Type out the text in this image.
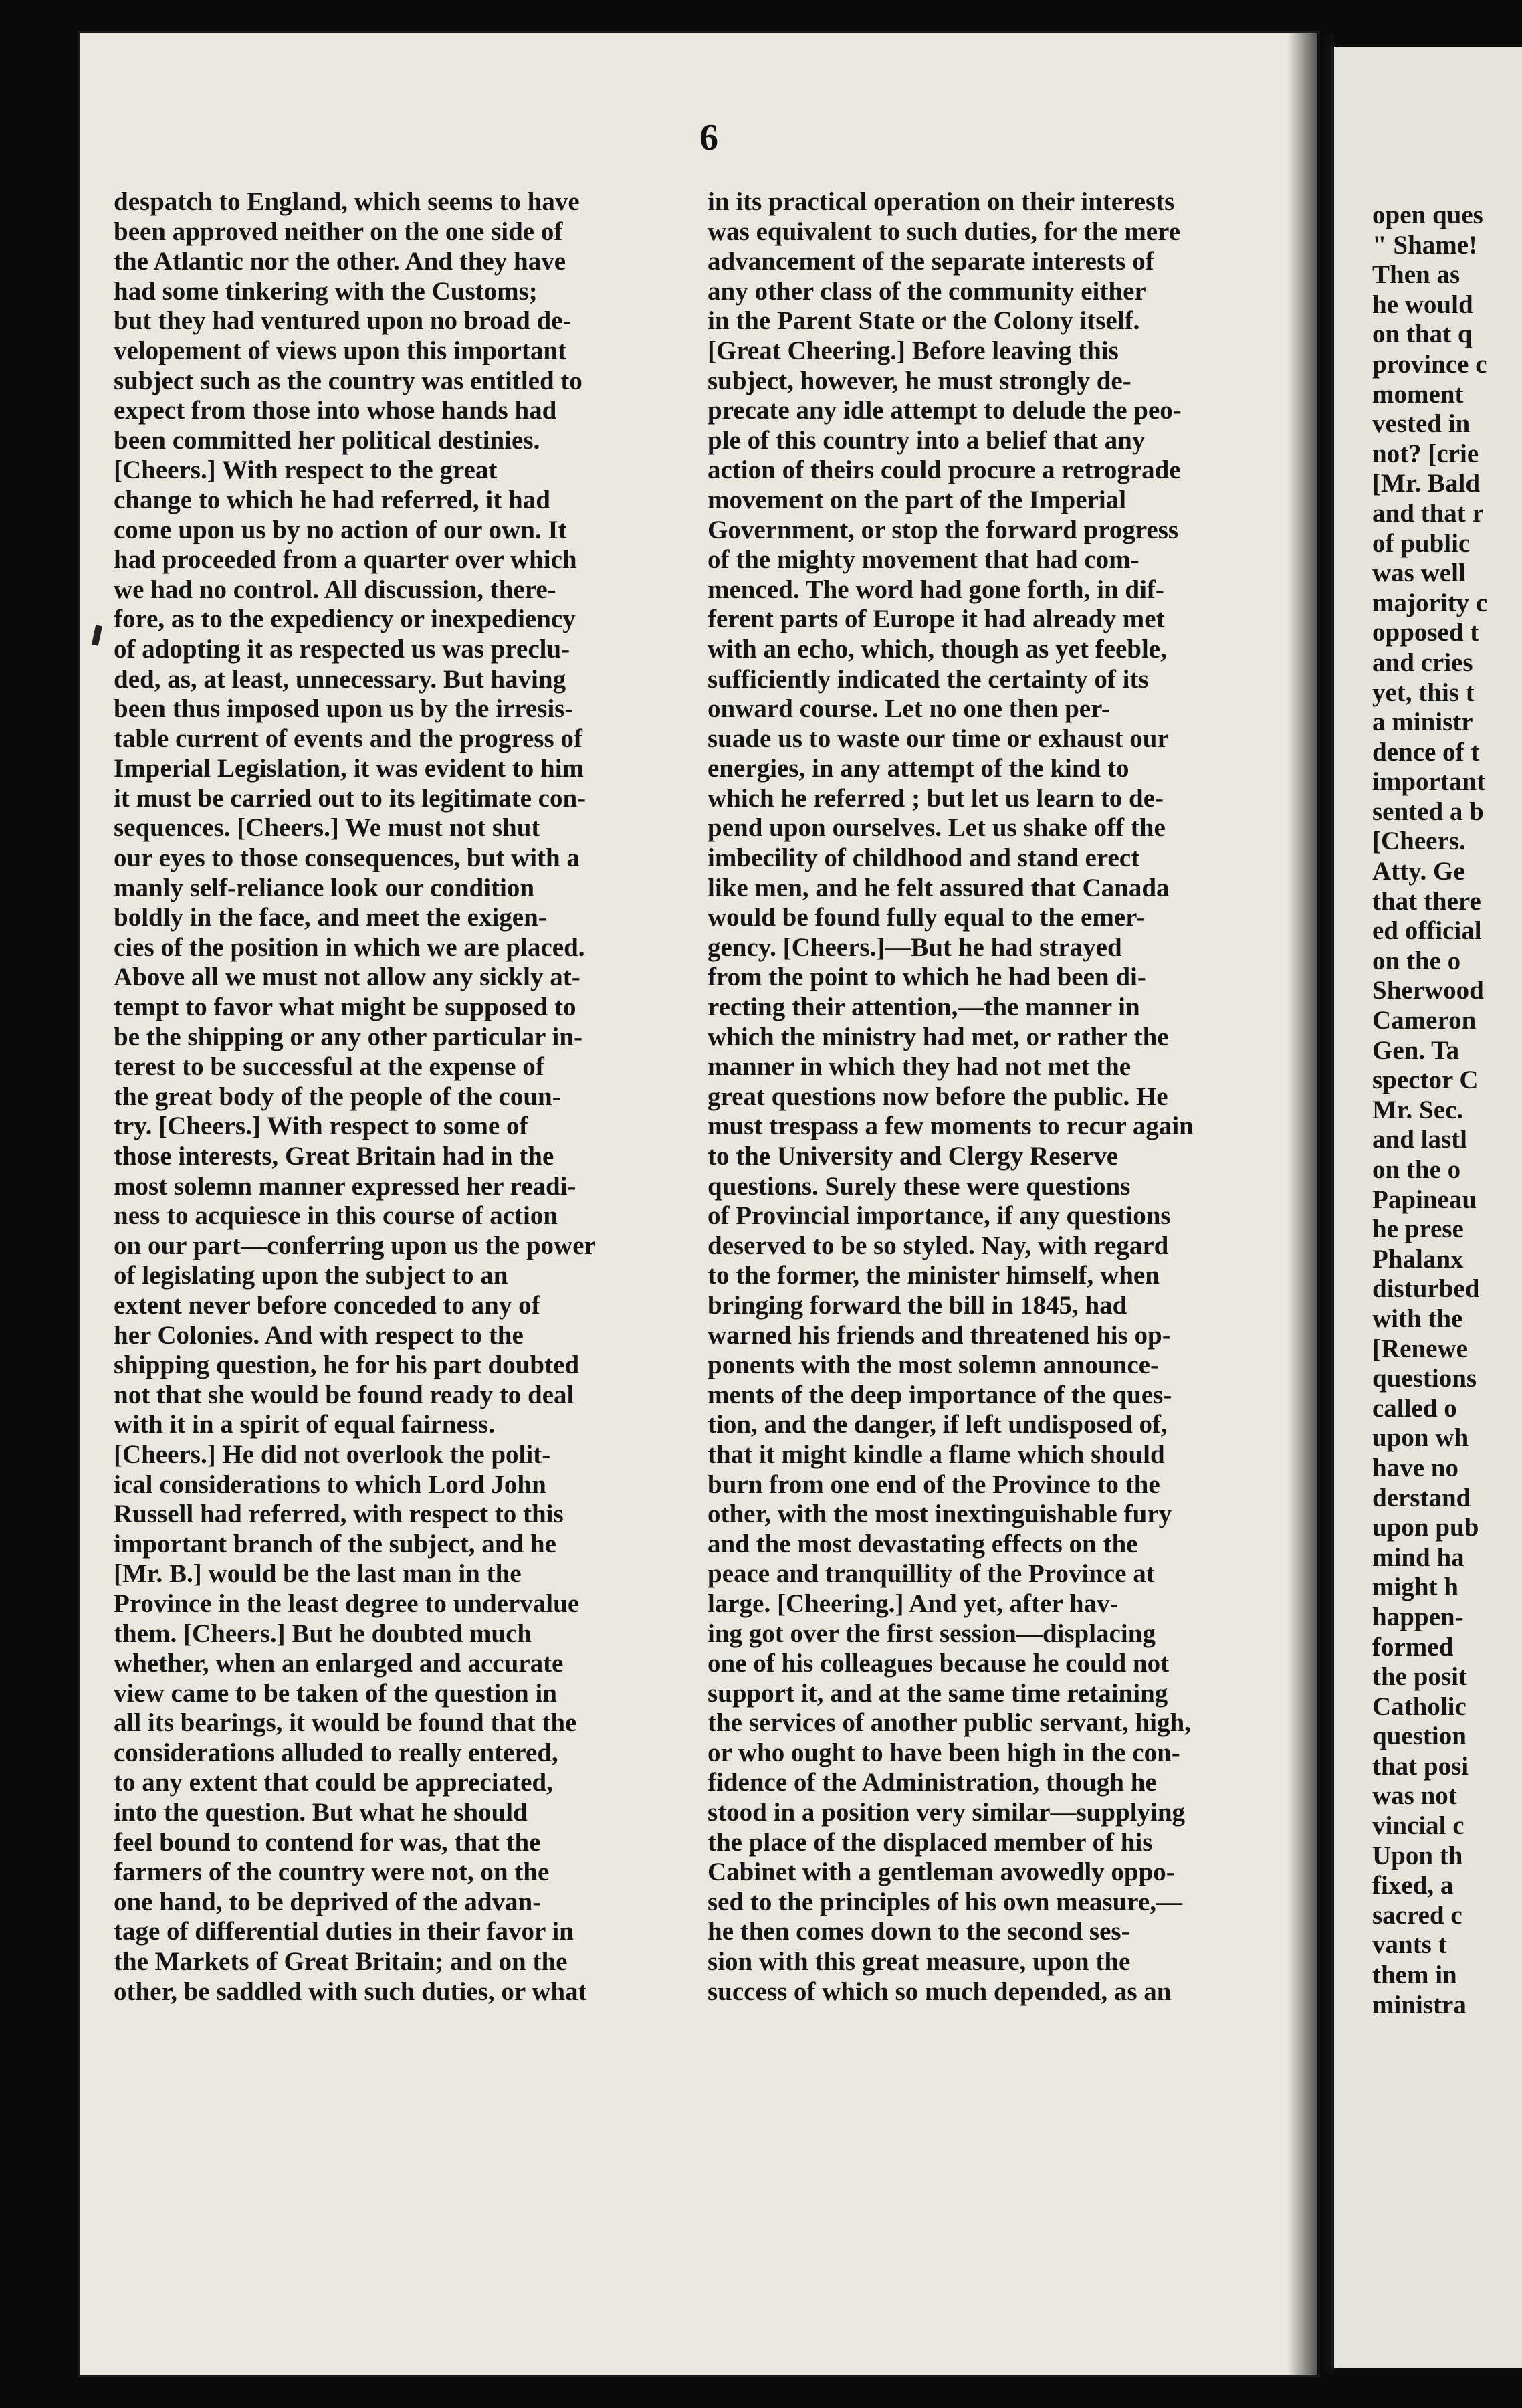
6
despatch to England, which seems to have
been approved neither on the one side of
the Atlantic nor the other. And they have
had some tinkering with the Customs;
but they had ventured upon no broad de-
velopement of views upon this important
subject such as the country was entitled to
expect from those into whose hands had
been committed her political destinies.
[Cheers.] With respect to the great
change to which he had referred, it had
come upon us by no action of our own. It
had proceeded from a quarter over which
we had no control. All discussion, there-
fore, as to the expediency or inexpediency
of adopting it as respected us was preclu-
ded, as, at least, unnecessary. But having
been thus imposed upon us by the irresis-
table current of events and the progress of
Imperial Legislation, it was evident to him
it must be carried out to its legitimate con-
sequences. [Cheers.] We must not shut
our eyes to those consequences, but with a
manly self-reliance look our condition
boldly in the face, and meet the exigen-
cies of the position in which we are placed.
Above all we must not allow any sickly at-
tempt to favor what might be supposed to
be the shipping or any other particular in-
terest to be successful at the expense of
the great body of the people of the coun-
try. [Cheers.] With respect to some of
those interests, Great Britain had in the
most solemn manner expressed her readi-
ness to acquiesce in this course of action
on our part—conferring upon us the power
of legislating upon the subject to an
extent never before conceded to any of
her Colonies. And with respect to the
shipping question, he for his part doubted
not that she would be found ready to deal
with it in a spirit of equal fairness.
[Cheers.] He did not overlook the polit-
ical considerations to which Lord John
Russell had referred, with respect to this
important branch of the subject, and he
[Mr. B.] would be the last man in the
Province in the least degree to undervalue
them. [Cheers.] But he doubted much
whether, when an enlarged and accurate
view came to be taken of the question in
all its bearings, it would be found that the
considerations alluded to really entered,
to any extent that could be appreciated,
into the question. But what he should
feel bound to contend for was, that the
farmers of the country were not, on the
one hand, to be deprived of the advan-
tage of differential duties in their favor in
the Markets of Great Britain; and on the
other, be saddled with such duties, or what
in its practical operation on their interests
was equivalent to such duties, for the mere
advancement of the separate interests of
any other class of the community either
in the Parent State or the Colony itself.
[Great Cheering.] Before leaving this
subject, however, he must strongly de-
precate any idle attempt to delude the peo-
ple of this country into a belief that any
action of theirs could procure a retrograde
movement on the part of the Imperial
Government, or stop the forward progress
of the mighty movement that had com-
menced. The word had gone forth, in dif-
ferent parts of Europe it had already met
with an echo, which, though as yet feeble,
sufficiently indicated the certainty of its
onward course. Let no one then per-
suade us to waste our time or exhaust our
energies, in any attempt of the kind to
which he referred ; but let us learn to de-
pend upon ourselves. Let us shake off the
imbecility of childhood and stand erect
like men, and he felt assured that Canada
would be found fully equal to the emer-
gency. [Cheers.]—But he had strayed
from the point to which he had been di-
recting their attention,—the manner in
which the ministry had met, or rather the
manner in which they had not met the
great questions now before the public. He
must trespass a few moments to recur again
to the University and Clergy Reserve
questions. Surely these were questions
of Provincial importance, if any questions
deserved to be so styled. Nay, with regard
to the former, the minister himself, when
bringing forward the bill in 1845, had
warned his friends and threatened his op-
ponents with the most solemn announce-
ments of the deep importance of the ques-
tion, and the danger, if left undisposed of,
that it might kindle a flame which should
burn from one end of the Province to the
other, with the most inextinguishable fury
and the most devastating effects on the
peace and tranquillity of the Province at
large. [Cheering.] And yet, after hav-
ing got over the first session—displacing
one of his colleagues because he could not
support it, and at the same time retaining
the services of another public servant, high,
or who ought to have been high in the con-
fidence of the Administration, though he
stood in a position very similar—supplying
the place of the displaced member of his
Cabinet with a gentleman avowedly oppo-
sed to the principles of his own measure,—
he then comes down to the second ses-
sion with this great measure, upon the
success of which so much depended, as an
open ques
" Shame!
Then as
he would
on that q
province c
moment
vested in
not? [crie
[Mr. Bald
and that r
of public
was well
majority c
opposed t
and cries
yet, this t
a ministr
dence of t
important
sented a b
[Cheers.
Atty. Ge
that there
ed official
on the o
Sherwood
Cameron
Gen. Ta
spector C
Mr. Sec.
and lastl
on the o
Papineau
he prese
Phalanx
disturbed
with the
[Renewe
questions
called o
upon wh
have no
derstand
upon pub
mind ha
might h
happen-
formed
the posit
Catholic
question
that posi
was not
vincial c
Upon th
fixed, a
sacred c
vants t
them in
ministra
